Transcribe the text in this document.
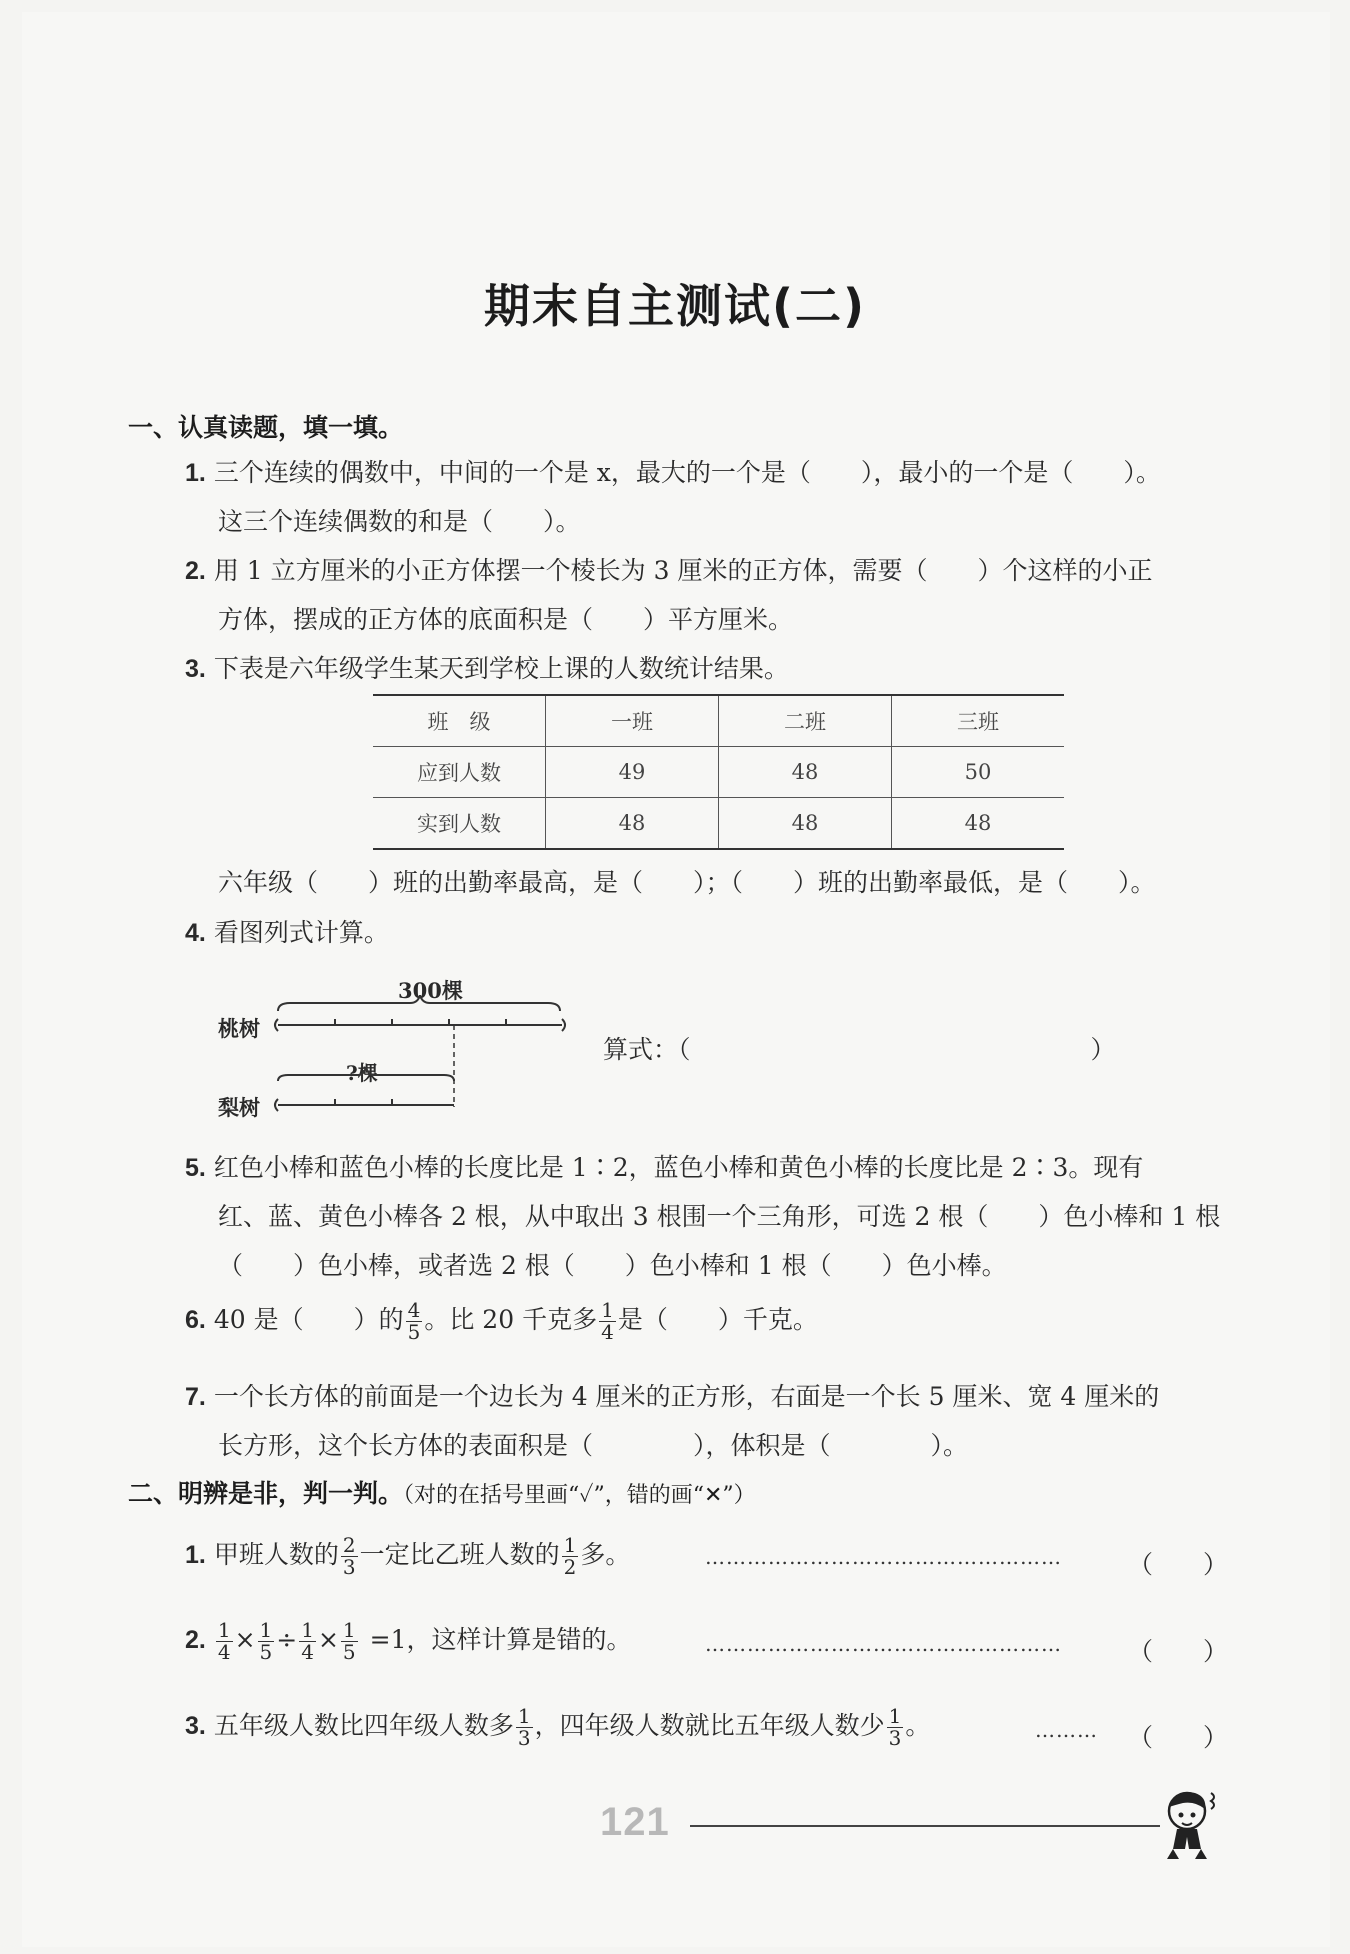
期末自主测试(二)
一、认真读题，填一填。
1. 三个连续的偶数中，中间的一个是 x，最大的一个是（　　），最小的一个是（　　）。
这三个连续偶数的和是（　　）。
2. 用 1 立方厘米的小正方体摆一个棱长为 3 厘米的正方体，需要（　　）个这样的小正
方体，摆成的正方体的底面积是（　　）平方厘米。
3. 下表是六年级学生某天到学校上课的人数统计结果。
班　级	一班	二班	三班
应到人数	49	48	50
实到人数	48	48	48
六年级（　　）班的出勤率最高，是（　　）；（　　）班的出勤率最低，是（　　）。
4. 看图列式计算。
300棵
桃树
?棵
梨树
算式：（　　　　　　　　　　　　　　　　）
5. 红色小棒和蓝色小棒的长度比是 1∶2，蓝色小棒和黄色小棒的长度比是 2∶3。现有
红、蓝、黄色小棒各 2 根，从中取出 3 根围一个三角形，可选 2 根（　　）色小棒和 1 根
（　　）色小棒，或者选 2 根（　　）色小棒和 1 根（　　）色小棒。
6. 40 是（　　）的 $\frac{4}{5}$ 。比 20 千克多 $\frac{1}{4}$ 是（　　）千克。
7. 一个长方体的前面是一个边长为 4 厘米的正方形，右面是一个长 5 厘米、宽 4 厘米的
长方形，这个长方体的表面积是（　　　　），体积是（　　　　）。
二、明辨是非，判一判。（对的在括号里画“✓”，错的画“✕”）
1. 甲班人数的 $\frac{2}{3}$ 一定比乙班人数的 $\frac{1}{2}$ 多。	……………………………………………	（　　）
2. $\frac{1}{4} \times \frac{1}{5} \div \frac{1}{4} \times \frac{1}{5} =1$，这样计算是错的。	……………………………………………	（　　）
3. 五年级人数比四年级人数多 $\frac{1}{3}$ ，四年级人数就比五年级人数少 $\frac{1}{3}$ 。	……… （　　）
121
